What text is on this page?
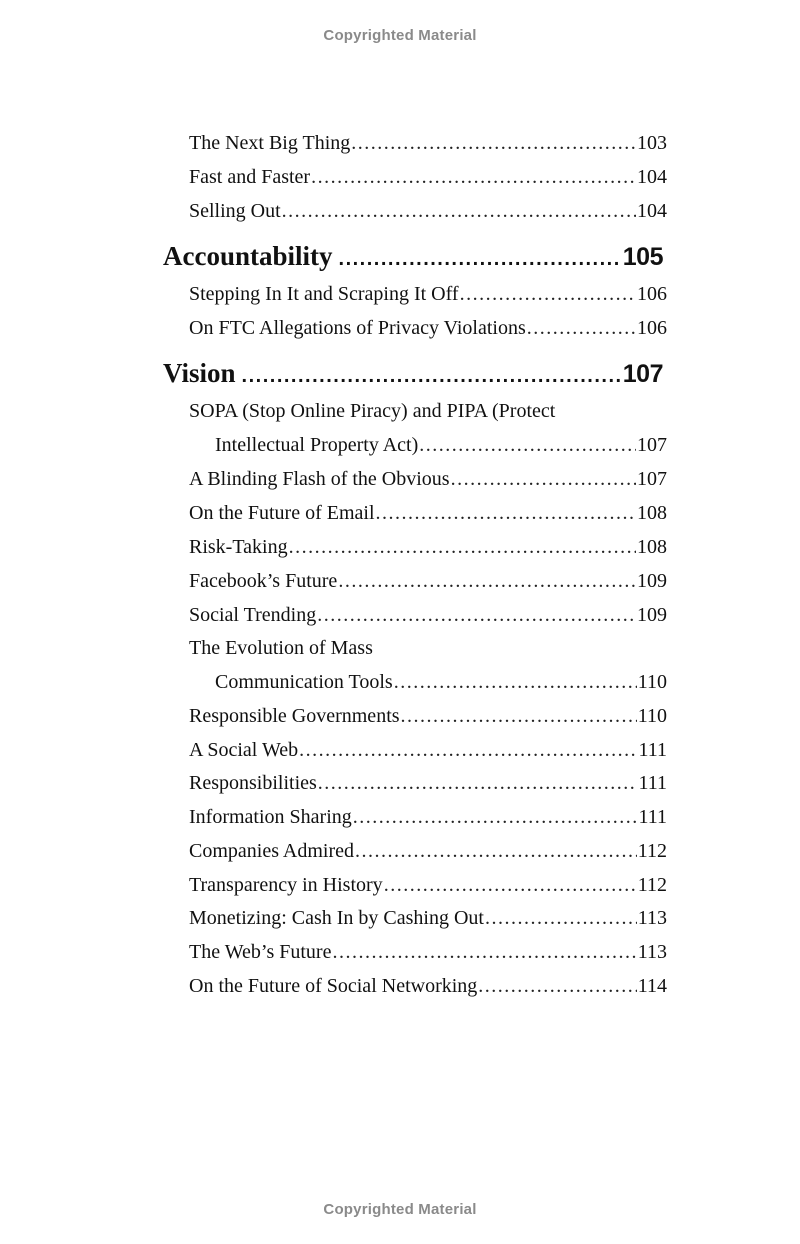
Copyrighted Material
The Next Big Thing .....	103
Fast and Faster .....	104
Selling Out .....	104
Accountability .....	105
Stepping In It and Scraping It Off .....	106
On FTC Allegations of Privacy Violations .....	106
Vision .....	107
SOPA (Stop Online Piracy) and PIPA (Protect
Intellectual Property Act) .....	107
A Blinding Flash of the Obvious .....	107
On the Future of Email .....	108
Risk-Taking .....	108
Facebook’s Future .....	109
Social Trending .....	109
The Evolution of Mass
Communication Tools .....	110
Responsible Governments .....	110
A Social Web .....	111
Responsibilities .....	111
Information Sharing .....	111
Companies Admired .....	112
Transparency in History .....	112
Monetizing: Cash In by Cashing Out .....	113
The Web’s Future .....	113
On the Future of Social Networking .....	114
Copyrighted Material
